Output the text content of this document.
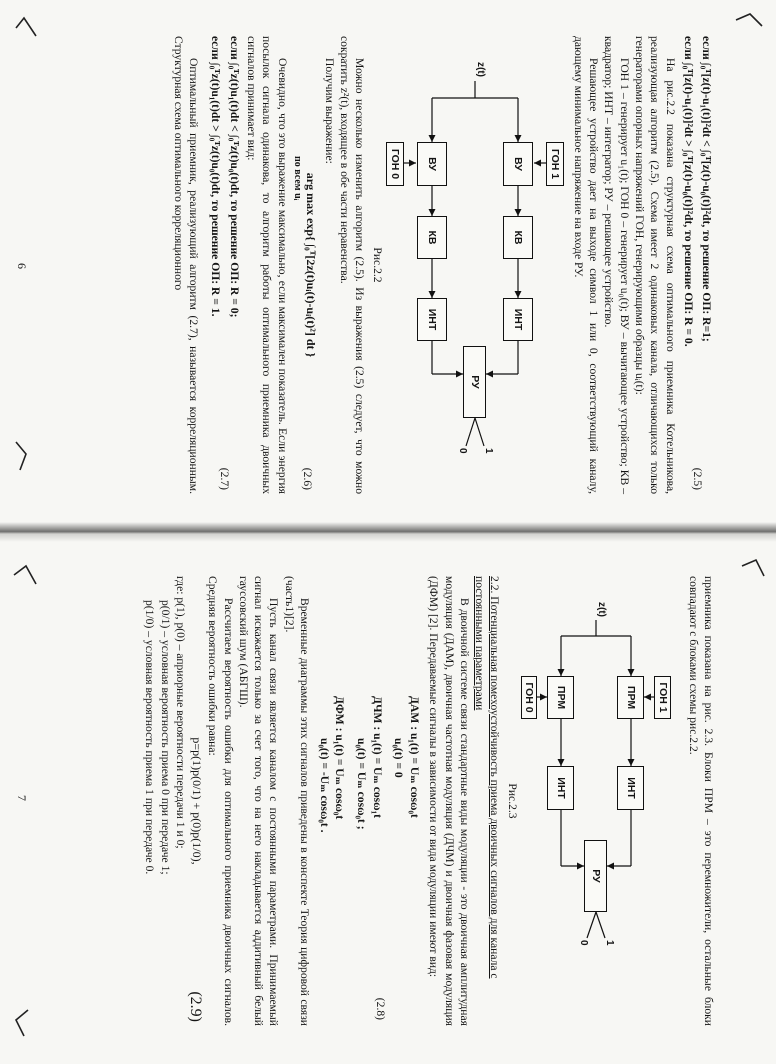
если ∫₀ᵀ[z(t)-u₁(t)]²dt < ∫₀ᵀ[z(t)-u₀(t)]²dt, то решение ОП: R=1;
если ∫₀ᵀ[z(t)-u₁(t)]²dt > ∫₀ᵀ[z(t)-u₀(t)]²dt, то решение ОП: R = 0.
(2.5)

На рис.2.2 показана структурная схема оптимального приемника Котельникова, реализующая алгоритм (2.5). Схема имеет 2 одинаковых канала, отличающихся только генераторами опорных напряжений ГОН, генерирующими образцы uᵢ(t):

ГОН 1 – генерирует u₁(t); ГОН 0 – генерирует u₀(t); ВУ – вычитающее устройство; КВ – квадратор; ИНТ – интегратор; РУ – решающее устройство.

Решающее устройство дает на выходе символ 1 или 0, соответствующий каналу, дающему минимальное напряжение на входе РУ.

z(t)
ГОН 1
ГОН 0	ВУ
ВУ
КВ
КВ
ИНТ
ИНТ
РУ
1
0
Рис.2.2

Можно несколько изменить алгоритм (2.5). Из выражения (2.5) следует, что можно сократить z²(t), входящее в обе части неравенства.

Получим выражение:

arg max exp{ ∫₀ᵀ[2z(t)uᵢ(t)-uᵢ(t)²] dt }
по всем uᵢ
(2.6)

Очевидно, что это выражение максимально, если максимален показатель. Если энергия посылок сигнала одинакова, то алгоритм работы оптимального приемника двоичных сигналов принимает вид:

если ∫₀ᵀz(t)u₁(t)dt < ∫₀ᵀz(t)u₀(t)dt, то решение ОП: R = 0;
если ∫₀ᵀz(t)u₁(t)dt > ∫₀ᵀz(t)u₀(t)dt, то решение ОП: R = 1.
(2.7)

Оптимальный приемник, реализующий алгоритм (2.7), называется корреляционным. Структурная схема оптимального корреляционного

6

приемника показана на рис. 2.3. Блоки ПРМ – это перемножители, остальные блоки совпадают с блоками схемы рис.2.2.

z(t)
ГОН 1
ГОН 0	ПРМ
ПРМ
ИНТ
ИНТ
РУ
1
0
Рис.2.3
2.2. Потенциальная помехоустойчивость приема двоичных сигналов для канала с постоянными параметрами

В двоичной системе связи стандартные виды модуляции - это двоичная амплитудная модуляция (ДАМ), двоичная частотная модуляция (ДЧМ) и двоичная фазовая модуляция (ДФМ) [2]. Передаваемые сигналы в зависимости от вида модуляции имеют вид:

ДАМ : u₁(t) = Uₘ cosω₀t
u₀(t) = 0
ДЧМ : u₁(t) = Uₘ cosω₁t
u₀(t) = Uₘ cosω₀t ;
ДФМ : u₁(t) = Uₘ cosω₀t
u₀(t) = -Uₘ cosω₀t .
(2.8)

Временные диаграммы этих сигналов приведены в конспекте Теория цифровой связи (часть1)[2].

Пусть канал связи является каналом с постоянными параметрами. Принимаемый сигнал искажается только за счет того, что на него накладывается аддитивный белый гауссовский шум (АБГШ).

Рассчитаем вероятность ошибки для оптимального приемника двоичных сигналов. Средняя вероятность ошибки равна:

p=p(1)p(0/1) + p(0)p(1/0),
(2.9)

где: p(1), p(0) – априорные вероятности передачи 1 и 0;

p(0/1) – условная вероятность приема 0 при передаче 1;

p(1/0) – условная вероятность приема 1 при передаче 0.

7
